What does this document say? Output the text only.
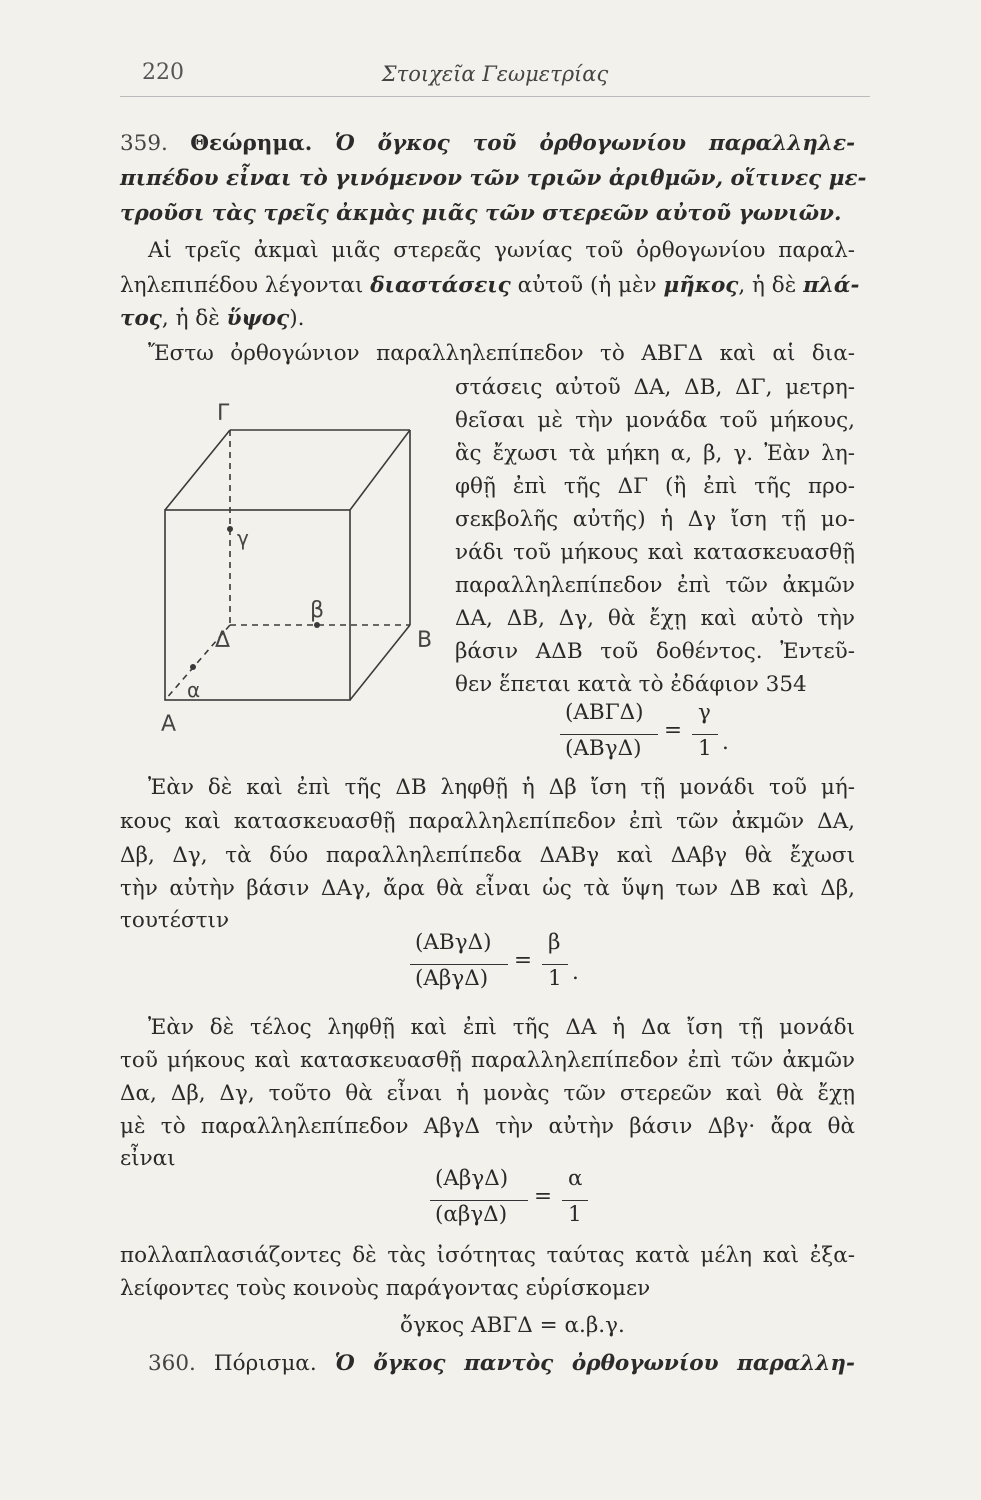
220	Στοιχεῖα Γεωμετρίας
359. Θεώρημα. Ὁ ὄγκος τοῦ ὀρθογωνίου παραλληλε-
πιπέδου εἶναι τὸ γινόμενον τῶν τριῶν ἀριθμῶν, οἵτινες με-
τροῦσι τὰς τρεῖς ἀκμὰς μιᾶς τῶν στερεῶν αὐτοῦ γωνιῶν.
Αἱ τρεῖς ἀκμαὶ μιᾶς στερεᾶς γωνίας τοῦ ὀρθογωνίου παραλ-
ληλεπιπέδου λέγονται διαστάσεις αὐτοῦ (ἡ μὲν μῆκος, ἡ δὲ πλά-
τος, ἡ δὲ ὕψος).
Ἔστω ὀρθογώνιον παραλληλεπίπεδον τὸ ΑΒΓΔ καὶ αἱ δια-
στάσεις αὐτοῦ ΔΑ, ΔΒ, ΔΓ, μετρη-
θεῖσαι μὲ τὴν μονάδα τοῦ μήκους,
ἃς ἔχωσι τὰ μήκη α, β, γ. Ἐὰν λη-
φθῇ ἐπὶ τῆς ΔΓ (ἢ ἐπὶ τῆς προ-
σεκβολῆς αὐτῆς) ἡ Δγ ἴση τῇ μο-
νάδι τοῦ μήκους καὶ κατασκευασθῇ
παραλληλεπίπεδον ἐπὶ τῶν ἀκμῶν
ΔΑ, ΔΒ, Δγ, θὰ ἔχῃ καὶ αὐτὸ τὴν
βάσιν ΑΔΒ τοῦ δοθέντος. Ἐντεῦ-
θεν ἕπεται κατὰ τὸ ἐδάφιον 354
(ΑΒΓΔ)
(ΑΒγΔ)
=
γ
1 .
Ἐὰν δὲ καὶ ἐπὶ τῆς ΔΒ ληφθῇ ἡ Δβ ἴση τῇ μονάδι τοῦ μή-
κους καὶ κατασκευασθῇ παραλληλεπίπεδον ἐπὶ τῶν ἀκμῶν ΔΑ,
Δβ, Δγ, τὰ δύο παραλληλεπίπεδα ΔΑΒγ καὶ ΔΑβγ θὰ ἔχωσι
τὴν αὐτὴν βάσιν ΔΑγ, ἄρα θὰ εἶναι ὡς τὰ ὕψη των ΔΒ καὶ Δβ,
τουτέστιν
(ΑΒγΔ)
(ΑβγΔ)
=
β
1 .
Ἐὰν δὲ τέλος ληφθῇ καὶ ἐπὶ τῆς ΔΑ ἡ Δα ἴση τῇ μονάδι
τοῦ μήκους καὶ κατασκευασθῇ παραλληλεπίπεδον ἐπὶ τῶν ἀκμῶν
Δα, Δβ, Δγ, τοῦτο θὰ εἶναι ἡ μονὰς τῶν στερεῶν καὶ θὰ ἔχῃ
μὲ τὸ παραλληλεπίπεδον ΑβγΔ τὴν αὐτὴν βάσιν Δβγ· ἄρα θὰ
εἶναι
(ΑβγΔ)
(αβγΔ)
=
α
1
πολλαπλασιάζοντες δὲ τὰς ἰσότητας ταύτας κατὰ μέλη καὶ ἐξα-
λείφοντες τοὺς κοινοὺς παράγοντας εὑρίσκομεν
ὄγκος ΑΒΓΔ = α.β.γ.
360. Πόρισμα. Ὁ ὄγκος παντὸς ὀρθογωνίου παραλλη-
Γ
γ
β
Β
Δ
α
Α
